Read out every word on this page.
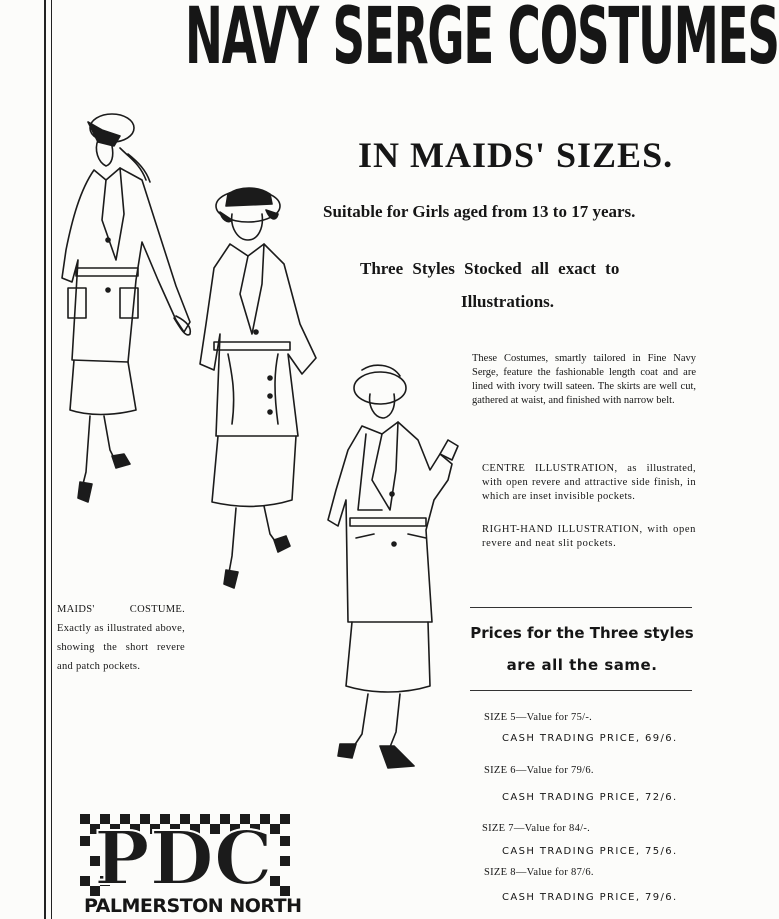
NAVY SERGE COSTUMES
IN MAIDS' SIZES.
Suitable for Girls aged from 13 to 17 years.
Three Styles Stocked all exact to
Illustrations.
These Costumes, smartly tailored in Fine Navy Serge, feature the fashionable length coat and are lined with ivory twill sateen. The skirts are well cut, gathered at waist, and finished with narrow belt.
CENTRE ILLUSTRATION, as illustrated, with open revere and attractive side finish, in which are inset invisible pockets.
RIGHT-HAND ILLUSTRATION, with open revere and neat slit pockets.
Prices for the Three styles
are all the same.
SIZE 5—Value for 75/-.
CASH TRADING PRICE, 69/6.
SIZE 6—Value for 79/6.
CASH TRADING PRICE, 72/6.
SIZE 7—Value for 84/-.
CASH TRADING PRICE, 75/6.
SIZE 8—Value for 87/6.
CASH TRADING PRICE, 79/6.
MAIDS' COSTUME. Exactly as illustrated above, showing the short revere and patch pockets.
PDC
PALMERSTON NORTH
